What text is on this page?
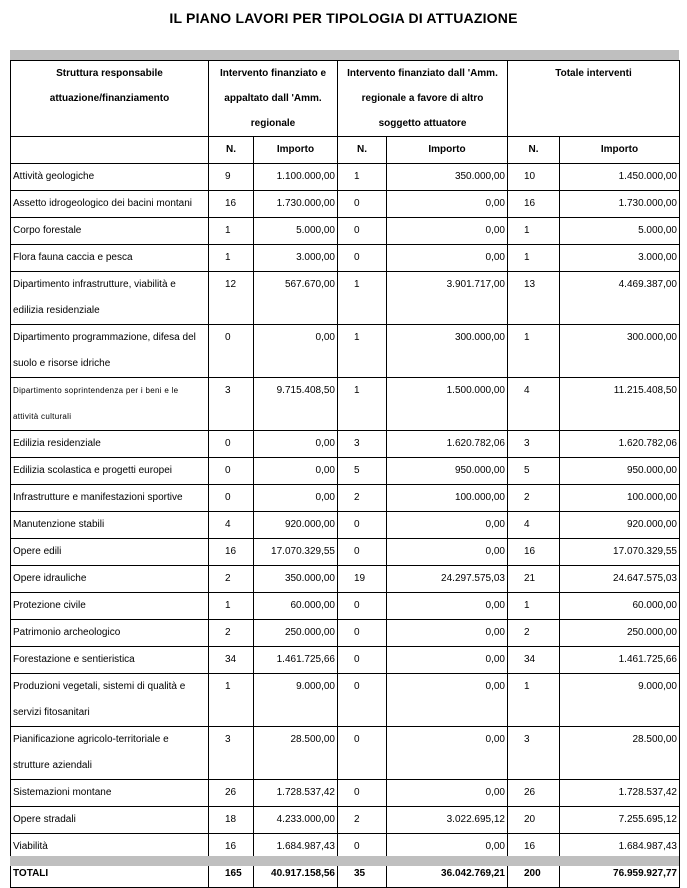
IL PIANO LAVORI PER TIPOLOGIA DI ATTUAZIONE
Struttura responsabile attuazione/finanziamento	Intervento finanziato e appaltato dall 'Amm. regionale		Intervento finanziato dall 'Amm. regionale a favore di altro soggetto attuatore		Totale interventi	
	N.	Importo	N.	Importo	N.	Importo
Attività geologiche	9	1.100.000,00	1	350.000,00	10	1.450.000,00
Assetto idrogeologico dei bacini montani	16	1.730.000,00	0	0,00	16	1.730.000,00
Corpo forestale	1	5.000,00	0	0,00	1	5.000,00
Flora fauna caccia e pesca	1	3.000,00	0	0,00	1	3.000,00
Dipartimento infrastrutture, viabilità e edilizia residenziale	12	567.670,00	1	3.901.717,00	13	4.469.387,00
Dipartimento programmazione, difesa del suolo e risorse idriche	0	0,00	1	300.000,00	1	300.000,00
Dipartimento soprintendenza per i beni e le attività culturali	3	9.715.408,50	1	1.500.000,00	4	11.215.408,50
Edilizia residenziale	0	0,00	3	1.620.782,06	3	1.620.782,06
Edilizia scolastica e progetti europei	0	0,00	5	950.000,00	5	950.000,00
Infrastrutture e manifestazioni sportive	0	0,00	2	100.000,00	2	100.000,00
Manutenzione stabili	4	920.000,00	0	0,00	4	920.000,00
Opere edili	16	17.070.329,55	0	0,00	16	17.070.329,55
Opere idrauliche	2	350.000,00	19	24.297.575,03	21	24.647.575,03
Protezione civile	1	60.000,00	0	0,00	1	60.000,00
Patrimonio archeologico	2	250.000,00	0	0,00	2	250.000,00
Forestazione e sentieristica	34	1.461.725,66	0	0,00	34	1.461.725,66
Produzioni vegetali, sistemi di qualità e servizi fitosanitari	1	9.000,00	0	0,00	1	9.000,00
Pianificazione agricolo-territoriale e strutture aziendali	3	28.500,00	0	0,00	3	28.500,00
Sistemazioni montane	26	1.728.537,42	0	0,00	26	1.728.537,42
Opere stradali	18	4.233.000,00	2	3.022.695,12	20	7.255.695,12
Viabilità	16	1.684.987,43	0	0,00	16	1.684.987,43
TOTALI	165	40.917.158,56	35	36.042.769,21	200	76.959.927,77
